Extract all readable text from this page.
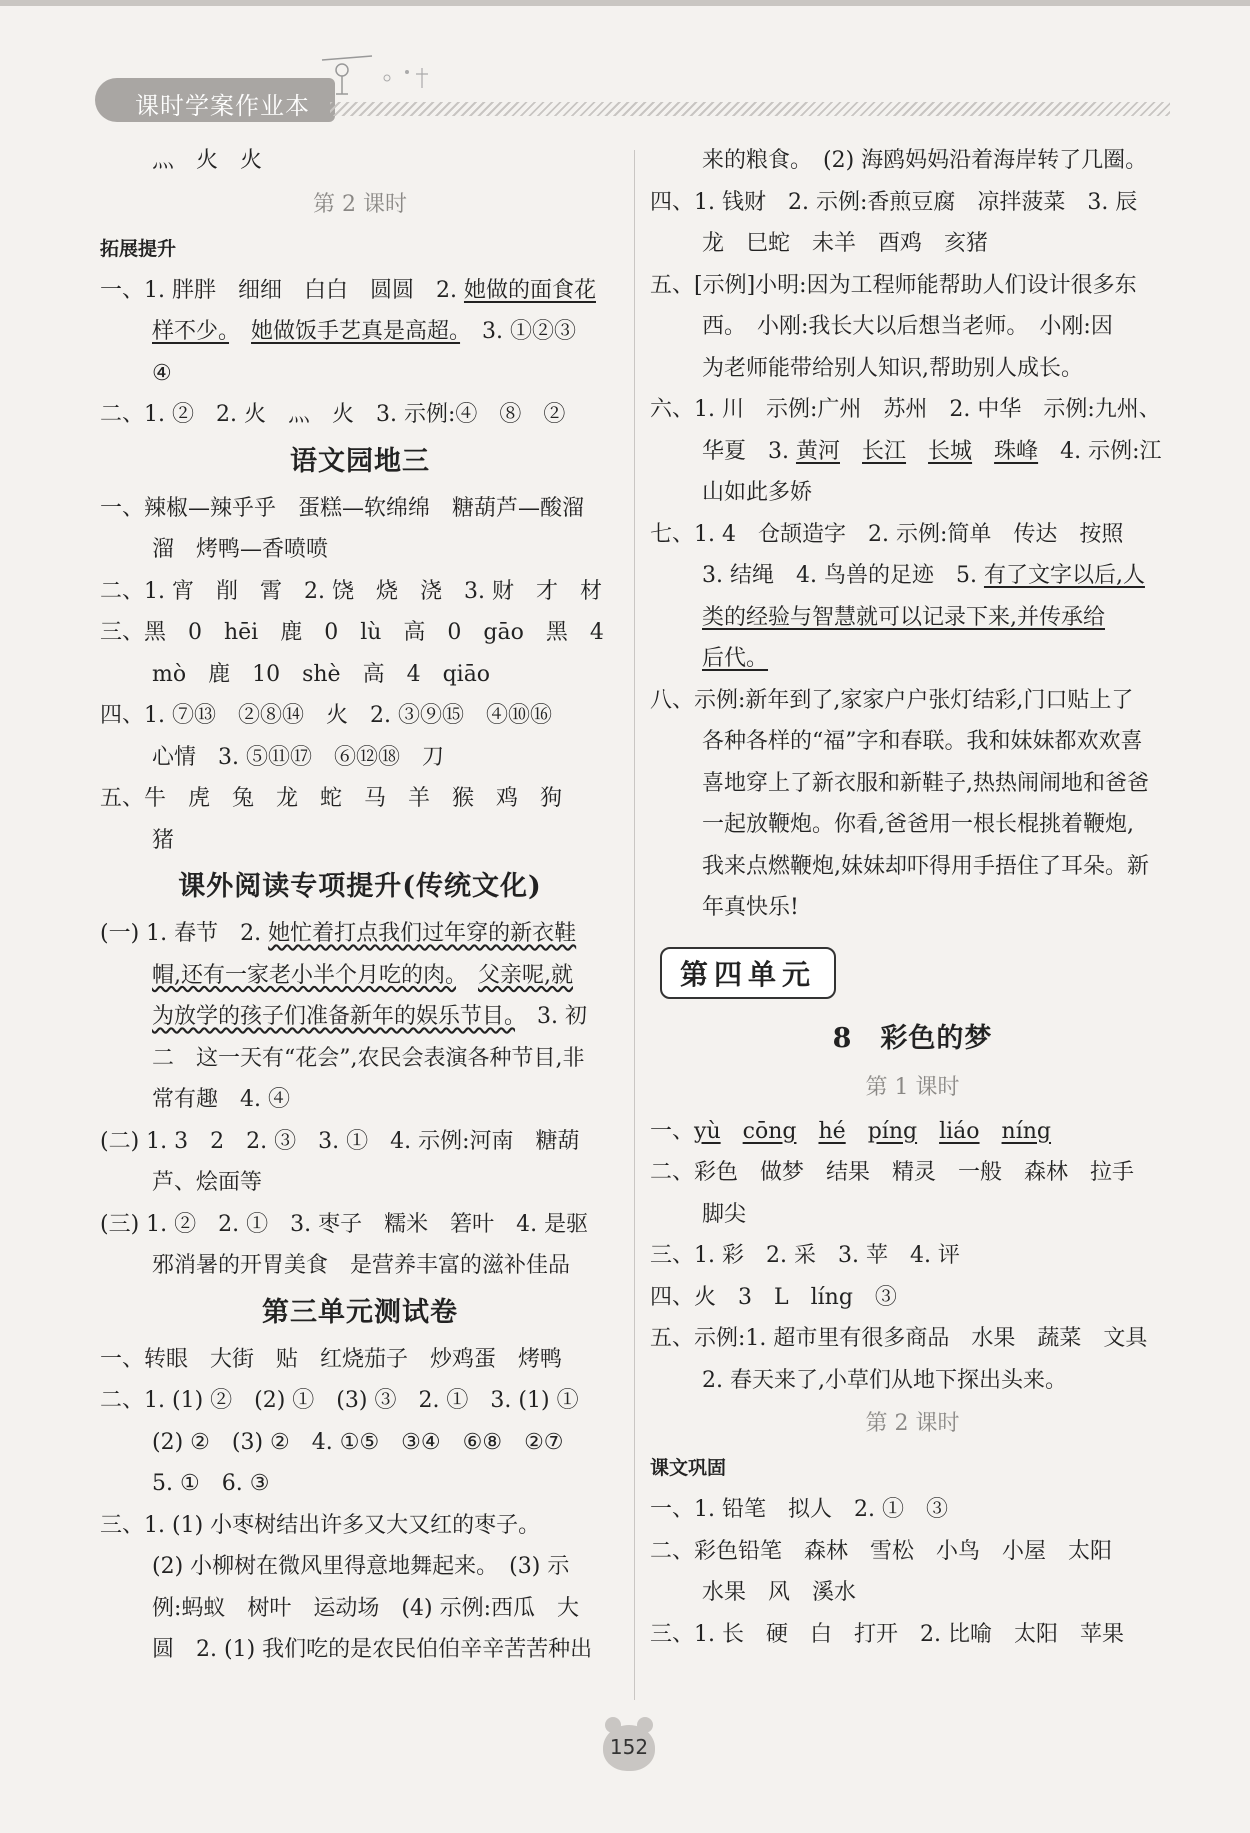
课时学案作业本
灬　火　火
第 2 课时
拓展提升
一、1. 胖胖　细细　白白　圆圆　2. 她做的面食花
样不少。　 她做饭手艺真是高超。　3. ①②③
④
二、1. ②　2. 火　灬　火　3. 示例:④　⑧　②
语文园地三
一、辣椒—辣乎乎　蛋糕—软绵绵　糖葫芦—酸溜
溜　烤鸭—香喷喷
二、1. 宵　削　霄　2. 饶　烧　浇　3. 财　才　材
三、黑　0　hēi　鹿　0　lù　高　0　gāo　黑　4
mò　鹿　10　shè　高　4　qiāo
四、1. ⑦⑬　②⑧⑭　火　2. ③⑨⑮　④⑩⑯
心情　3. ⑤⑪⑰　⑥⑫⑱　刀
五、牛　虎　兔　龙　蛇　马　羊　猴　鸡　狗
猪
课外阅读专项提升(传统文化)
(一) 1. 春节　2. 她忙着打点我们过年穿的新衣鞋
帽,还有一家老小半个月吃的肉。　 父亲呢,就
为放学的孩子们准备新年的娱乐节目。　3. 初
二　这一天有“花会”,农民会表演各种节目,非
常有趣　4. ④
(二) 1. 3　2　2. ③　3. ①　4. 示例:河南　糖葫
芦、烩面等
(三) 1. ②　2. ①　3. 枣子　糯米　箬叶　4. 是驱
邪消暑的开胃美食　是营养丰富的滋补佳品
第三单元测试卷
一、转眼　大街　贴　红烧茄子　炒鸡蛋　烤鸭
二、1. (1) ②　(2) ①　(3) ③　2. ①　3. (1) ①
(2) ②　(3) ②　4. ①⑤　③④　⑥⑧　②⑦
5. ①　6. ③
三、1. (1) 小枣树结出许多又大又红的枣子。
(2) 小柳树在微风里得意地舞起来。　(3) 示
例:蚂蚁　树叶　运动场　(4) 示例:西瓜　大
圆　2. (1) 我们吃的是农民伯伯辛辛苦苦种出
来的粮食。　(2) 海鸥妈妈沿着海岸转了几圈。
四、1. 钱财　2. 示例:香煎豆腐　凉拌菠菜　3. 辰
龙　巳蛇　未羊　酉鸡　亥猪
五、[示例]小明:因为工程师能帮助人们设计很多东
西。　小刚:我长大以后想当老师。　小刚:因
为老师能带给别人知识,帮助别人成长。
六、1. 川　示例:广州　苏州　2. 中华　示例:九州、
华夏　3. 黄河　 长江　 长城　 珠峰　4. 示例:江
山如此多娇
七、1. 4　仓颉造字　2. 示例:简单　传达　按照
3. 结绳　4. 鸟兽的足迹　5. 有了文字以后,人
类的经验与智慧就可以记录下来,并传承给
后代。
八、示例:新年到了,家家户户张灯结彩,门口贴上了
各种各样的“福”字和春联。我和妹妹都欢欢喜
喜地穿上了新衣服和新鞋子,热热闹闹地和爸爸
一起放鞭炮。你看,爸爸用一根长棍挑着鞭炮,
我来点燃鞭炮,妹妹却吓得用手捂住了耳朵。新
年真快乐!
第四单元
8　彩色的梦
第 1 课时
一、yù　 cōng　 hé　 píng　 liáo　 níng
二、彩色　做梦　结果　精灵　一般　森林　拉手
脚尖
三、1. 彩　2. 采　3. 苹　4. 评
四、火　3　L　líng　③
五、示例:1. 超市里有很多商品　水果　蔬菜　文具
2. 春天来了,小草们从地下探出头来。
第 2 课时
课文巩固
一、1. 铅笔　拟人　2. ①　③
二、彩色铅笔　森林　雪松　小鸟　小屋　太阳
水果　风　溪水
三、1. 长　硬　白　打开　2. 比喻　太阳　苹果
152
